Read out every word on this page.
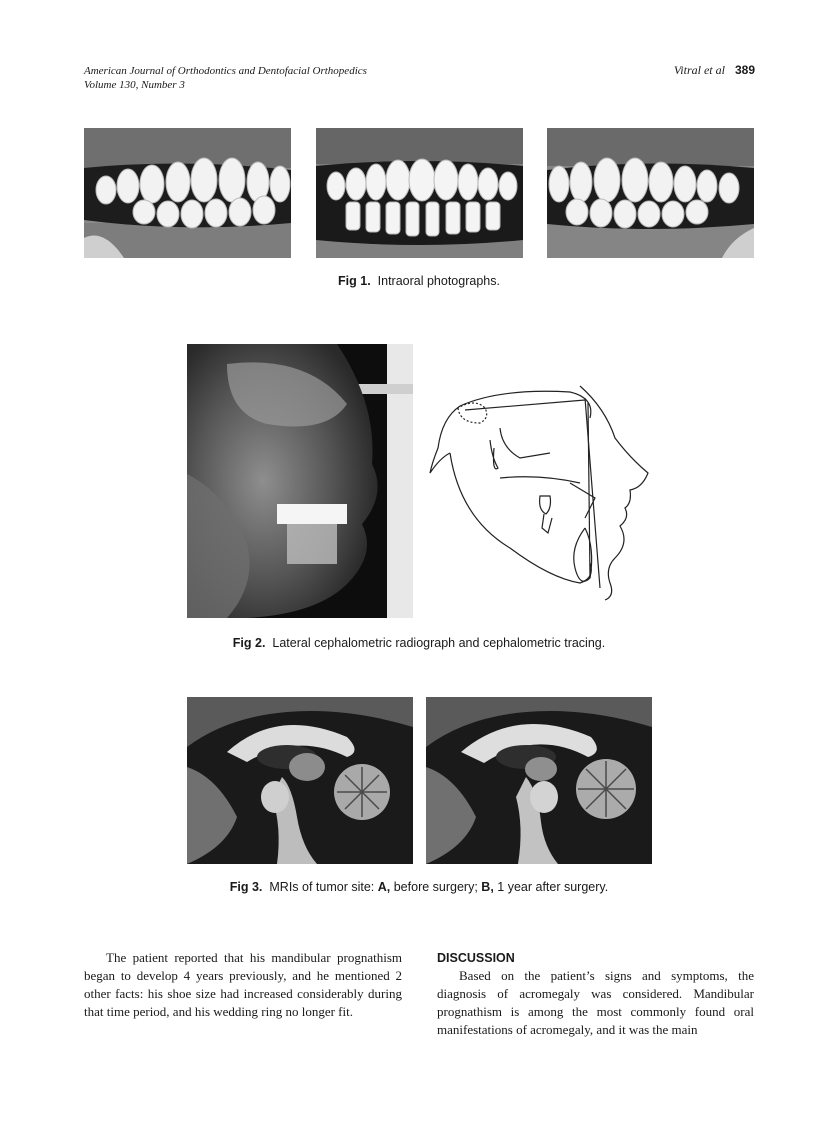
American Journal of Orthodontics and Dentofacial Orthopedics
Volume 130, Number 3
Vitral et al 389
Fig 1. Intraoral photographs.
Fig 2. Lateral cephalometric radiograph and cephalometric tracing.
Fig 3. MRIs of tumor site: A, before surgery; B, 1 year after surgery.

The patient reported that his mandibular prognathism began to develop 4 years previously, and he mentioned 2 other facts: his shoe size had increased considerably during that time period, and his wedding ring no longer fit.

DISCUSSION

Based on the patient’s signs and symptoms, the diagnosis of acromegaly was considered. Mandibular prognathism is among the most commonly found oral manifestations of acromegaly, and it was the main
